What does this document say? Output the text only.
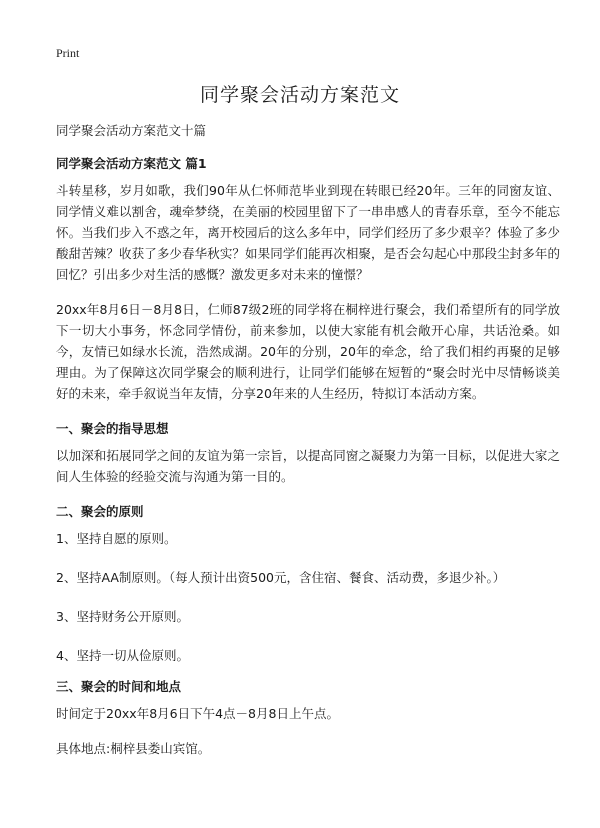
Print
同学聚会活动方案范文

同学聚会活动方案范文十篇

同学聚会活动方案范文 篇1

斗转星移，岁月如歌，我们90年从仁怀师范毕业到现在转眼已经20年。三年的同窗友谊、同学情义难以割舍，魂牵梦绕，在美丽的校园里留下了一串串感人的青春乐章，至今不能忘怀。当我们步入不惑之年，离开校园后的这么多年中，同学们经历了多少艰辛？体验了多少酸甜苦辣？收获了多少春华秋实？如果同学们能再次相聚，是否会勾起心中那段尘封多年的回忆？引出多少对生活的感慨？激发更多对未来的憧憬？

20xx年8月6日－8月8日，仁师87级2班的同学将在桐梓进行聚会，我们希望所有的同学放下一切大小事务，怀念同学情份，前来参加，以使大家能有机会敞开心扉，共话沧桑。如今，友情已如绿水长流，浩然成湖。20年的分别，20年的牵念，给了我们相约再聚的足够理由。为了保障这次同学聚会的顺利进行，让同学们能够在短暂的“聚会时光中尽情畅谈美好的未来，牵手叙说当年友情，分享20年来的人生经历，特拟订本活动方案。

一、聚会的指导思想

以加深和拓展同学之间的友谊为第一宗旨，以提高同窗之凝聚力为第一目标，以促进大家之间人生体验的经验交流与沟通为第一目的。

二、聚会的原则

1、坚持自愿的原则。

2、坚持AA制原则。（每人预计出资500元，含住宿、餐食、活动费，多退少补。）

3、坚持财务公开原则。

4、坚持一切从俭原则。

三、聚会的时间和地点

时间定于20xx年8月6日下午4点－8月8日上午点。

具体地点:桐梓县娄山宾馆。
